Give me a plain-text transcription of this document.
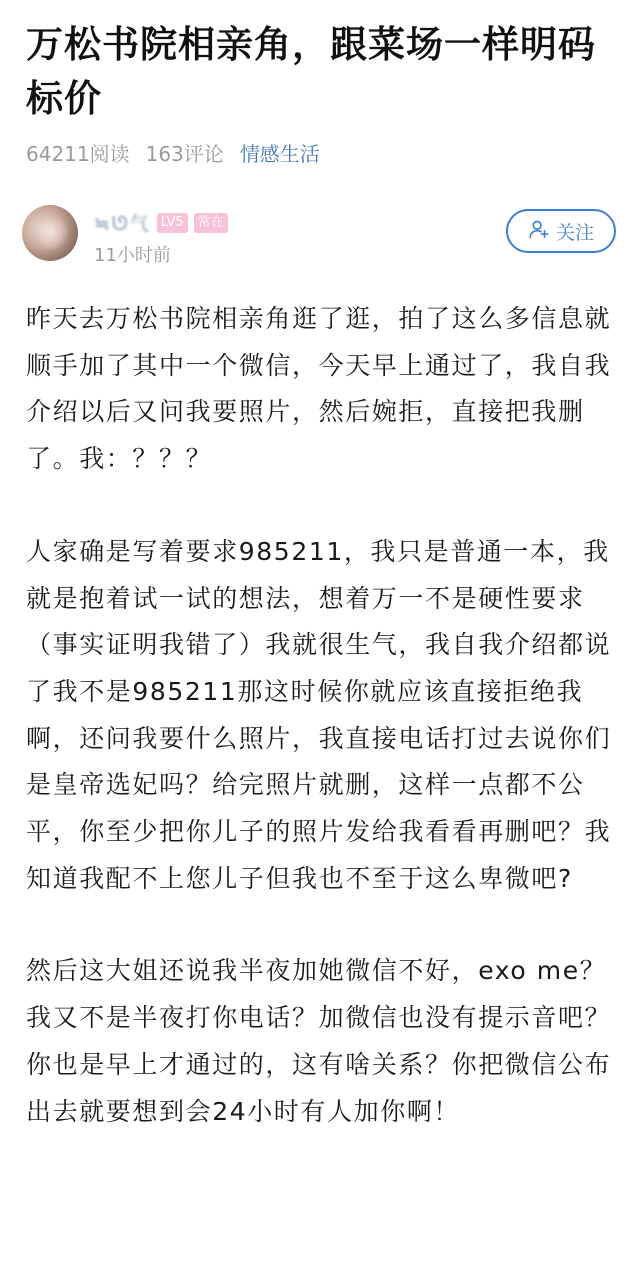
万松书院相亲角，跟菜场一样明码标价
64211阅读 163评论 情感生活
≒ᘎ气 LV5	常在
11小时前
关注

昨天去万松书院相亲角逛了逛，拍了这么多信息就顺手加了其中一个微信，今天早上通过了，我自我介绍以后又问我要照片，然后婉拒，直接把我删了。我：？？？

人家确是写着要求985211，我只是普通一本，我就是抱着试一试的想法，想着万一不是硬性要求（事实证明我错了）我就很生气，我自我介绍都说了我不是985211那这时候你就应该直接拒绝我啊，还问我要什么照片，我直接电话打过去说你们是皇帝选妃吗？给完照片就删，这样一点都不公平，你至少把你儿子的照片发给我看看再删吧？我知道我配不上您儿子但我也不至于这么卑微吧?

然后这大姐还说我半夜加她微信不好，exo me？我又不是半夜打你电话？加微信也没有提示音吧？你也是早上才通过的，这有啥关系？你把微信公布出去就要想到会24小时有人加你啊！
